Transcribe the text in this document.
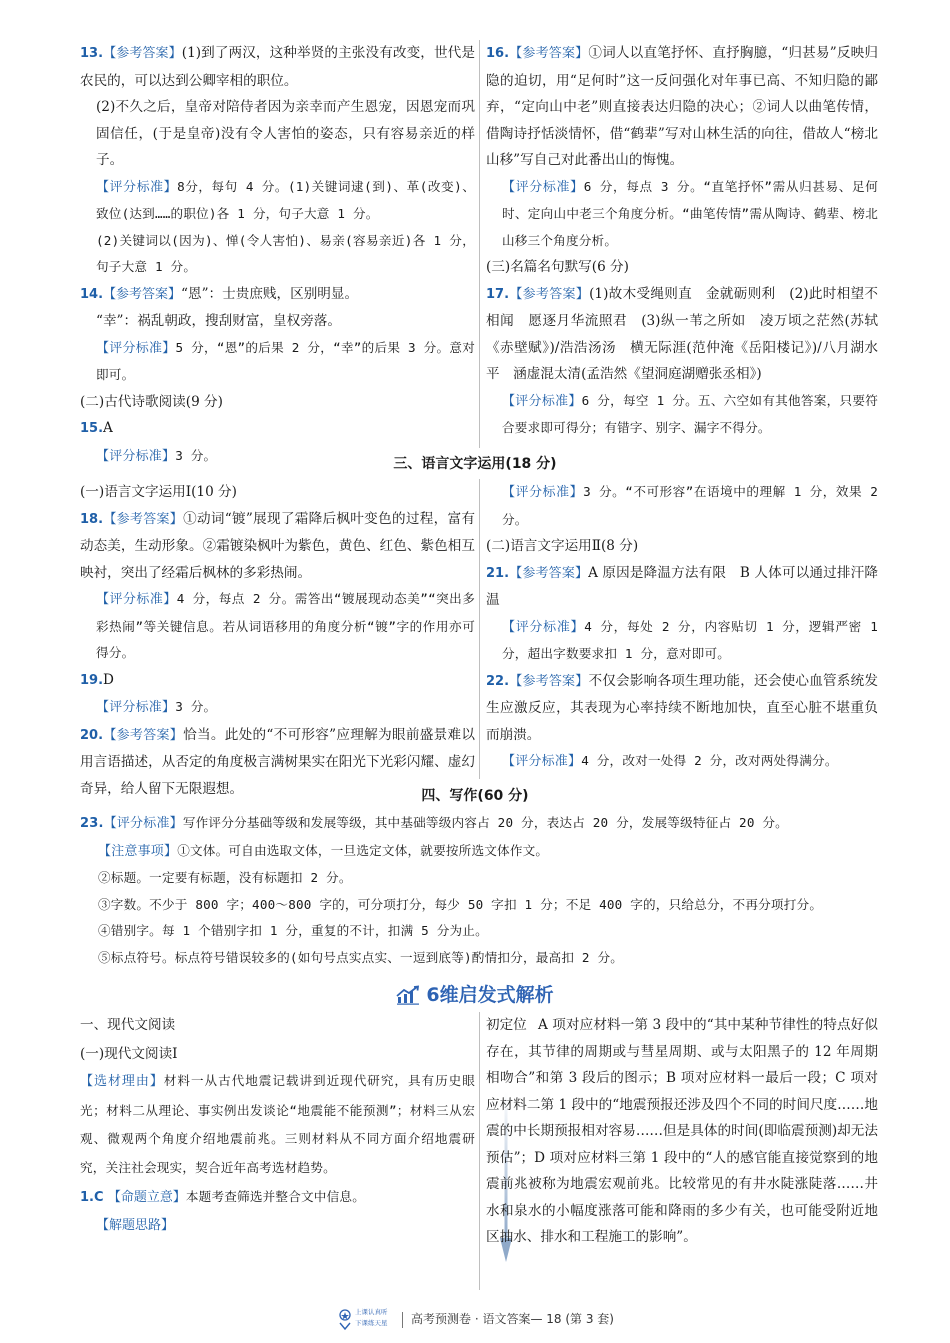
13.【参考答案】(1)到了两汉，这种举贤的主张没有改变，世代是农民的，可以达到公卿宰相的职位。

(2)不久之后，皇帝对陪侍者因为亲幸而产生恩宠，因恩宠而巩固信任，(于是皇帝)没有令人害怕的姿态，只有容易亲近的样子。

【评分标准】8分，每句 4 分。(1)关键词逮(到)、革(改变)、致位(达到……的职位)各 1 分，句子大意 1 分。

(2)关键词以(因为)、惮(令人害怕)、易亲(容易亲近)各 1 分，句子大意 1 分。

14.【参考答案】“恩”：士贵庶贱，区别明显。

“幸”：祸乱朝政，搜刮财富，皇权旁落。

【评分标准】5 分，“恩”的后果 2 分，“幸”的后果 3 分。意对即可。

(二)古代诗歌阅读(9 分)

15.A

【评分标准】3 分。

16.【参考答案】①词人以直笔抒怀、直抒胸臆，“归甚易”反映归隐的迫切，用“足何时”这一反问强化对年事已高、不知归隐的鄙弃，“定向山中老”则直接表达归隐的决心；②词人以曲笔传情，借陶诗抒恬淡情怀，借“鹤辈”写对山林生活的向往，借故人“榜北山移”写自己对此番出山的悔愧。

【评分标准】6 分，每点 3 分。“直笔抒怀”需从归甚易、足何时、定向山中老三个角度分析。“曲笔传情”需从陶诗、鹤辈、榜北山移三个角度分析。

(三)名篇名句默写(6 分)

17.【参考答案】(1)故木受绳则直　金就砺则利　(2)此时相望不相闻　愿逐月华流照君　(3)纵一苇之所如　凌万顷之茫然(苏轼《赤壁赋》)/浩浩汤汤　横无际涯(范仲淹《岳阳楼记》)/八月湖水平　涵虚混太清(孟浩然《望洞庭湖赠张丞相》)

【评分标准】6 分，每空 1 分。五、六空如有其他答案，只要符合要求即可得分；有错字、别字、漏字不得分。

三、语言文字运用(18 分)

(一)语言文字运用Ⅰ(10 分)

18.【参考答案】①动词“镀”展现了霜降后枫叶变色的过程，富有动态美，生动形象。②霜镀染枫叶为紫色，黄色、红色、紫色相互映衬，突出了经霜后枫林的多彩热闹。

【评分标准】4 分，每点 2 分。需答出“镀展现动态美”“突出多彩热闹”等关键信息。若从词语移用的角度分析“镀”字的作用亦可得分。

19.D

【评分标准】3 分。

20.【参考答案】恰当。此处的“不可形容”应理解为眼前盛景难以用言语描述，从否定的角度极言满树果实在阳光下光彩闪耀、虚幻奇异，给人留下无限遐想。

【评分标准】3 分。“不可形容”在语境中的理解 1 分，效果 2 分。

(二)语言文字运用Ⅱ(8 分)

21.【参考答案】A 原因是降温方法有限　B 人体可以通过排汗降温

【评分标准】4 分，每处 2 分，内容贴切 1 分，逻辑严密 1 分，超出字数要求扣 1 分，意对即可。

22.【参考答案】不仅会影响各项生理功能，还会使心血管系统发生应激反应，其表现为心率持续不断地加快，直至心脏不堪重负而崩溃。

【评分标准】4 分，改对一处得 2 分，改对两处得满分。

四、写作(60 分)

23.【评分标准】写作评分分基础等级和发展等级，其中基础等级内容占 20 分，表达占 20 分，发展等级特征占 20 分。

【注意事项】①文体。可自由选取文体，一旦选定文体，就要按所选文体作文。

②标题。一定要有标题，没有标题扣 2 分。

③字数。不少于 800 字；400～800 字的，可分项打分，每少 50 字扣 1 分；不足 400 字的，只给总分，不再分项打分。

④错别字。每 1 个错别字扣 1 分，重复的不计，扣满 5 分为止。

⑤标点符号。标点符号错误较多的(如句号点实点实、一逗到底等)酌情扣分，最高扣 2 分。

6维启发式解析

一、现代文阅读

(一)现代文阅读Ⅰ

【选材理由】材料一从古代地震记载讲到近现代研究，具有历史眼光；材料二从理论、事实例出发谈论“地震能不能预测”；材料三从宏观、微观两个角度介绍地震前兆。三则材料从不同方面介绍地震研究，关注社会现实，契合近年高考选材趋势。

1.C 【命题立意】本题考查筛选并整合文中信息。

【解题思路】

初定位 A 项对应材料一第 3 段中的“其中某种节律性的特点好似存在，其节律的周期或与彗星周期、或与太阳黑子的 12 年周期相吻合”和第 3 段后的图示；B 项对应材料一最后一段；C 项对应材料二第 1 段中的“地震预报还涉及四个不同的时间尺度……地震的中长期预报相对容易……但是具体的时间(即临震预测)却无法预估”；D 项对应材料三第 1 段中的“人的感官能直接觉察到的地震前兆被称为地震宏观前兆。比较常见的有井水陡涨陡落……井水和泉水的小幅度涨落可能和降雨的多少有关，也可能受附近地区抽水、排水和工程施工的影响”。

上课认真听
下课练天星 高考预测卷 · 语文答案— 18 (第 3 套)
